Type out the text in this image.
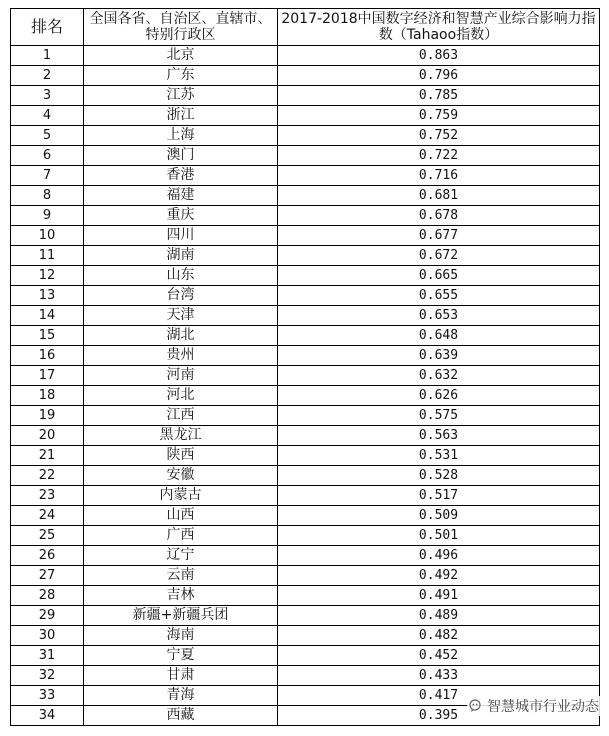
排名	全国各省、自治区、直辖市、特别行政区	2017-2018中国数字经济和智慧产业综合影响力指数（Tahaoo指数）
1	北京	0.863
2	广东	0.796
3	江苏	0.785
4	浙江	0.759
5	上海	0.752
6	澳门	0.722
7	香港	0.716
8	福建	0.681
9	重庆	0.678
10	四川	0.677
11	湖南	0.672
12	山东	0.665
13	台湾	0.655
14	天津	0.653
15	湖北	0.648
16	贵州	0.639
17	河南	0.632
18	河北	0.626
19	江西	0.575
20	黑龙江	0.563
21	陕西	0.531
22	安徽	0.528
23	内蒙古	0.517
24	山西	0.509
25	广西	0.501
26	辽宁	0.496
27	云南	0.492
28	吉林	0.491
29	新疆+新疆兵团	0.489
30	海南	0.482
31	宁夏	0.452
32	甘肃	0.433
33	青海	0.417
34	西藏	0.395
智慧城市行业动态
